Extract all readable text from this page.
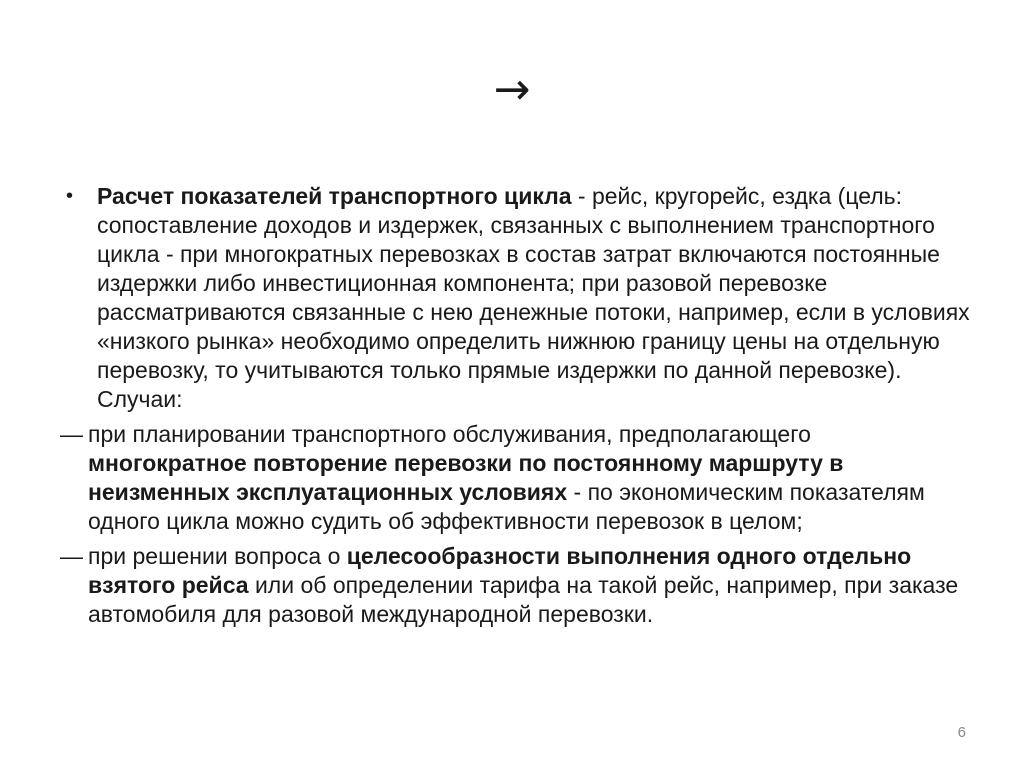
→
• Расчет показателей транспортного цикла - рейс, кругорейс, ездка (цель: сопоставление доходов и издержек, связанных с выполнением транспортного цикла - при многократных перевозках в состав затрат включаются постоянные издержки либо инвестиционная компонента; при разовой перевозке рассматриваются связанные с нею денежные потоки, например, если в условиях «низкого рынка» необходимо определить нижнюю границу цены на отдельную перевозку, то учитываются только прямые издержки по данной перевозке). Случаи:
— при планировании транспортного обслуживания, предполагающего многократное повторение перевозки по постоянному маршруту в неизменных эксплуатационных условиях - по экономическим показателям одного цикла можно судить об эффективности перевозок в целом;
— при решении вопроса о целесообразности выполнения одного отдельно взятого рейса или об определении тарифа на такой рейс, например, при заказе автомобиля для разовой международной перевозки.
6
